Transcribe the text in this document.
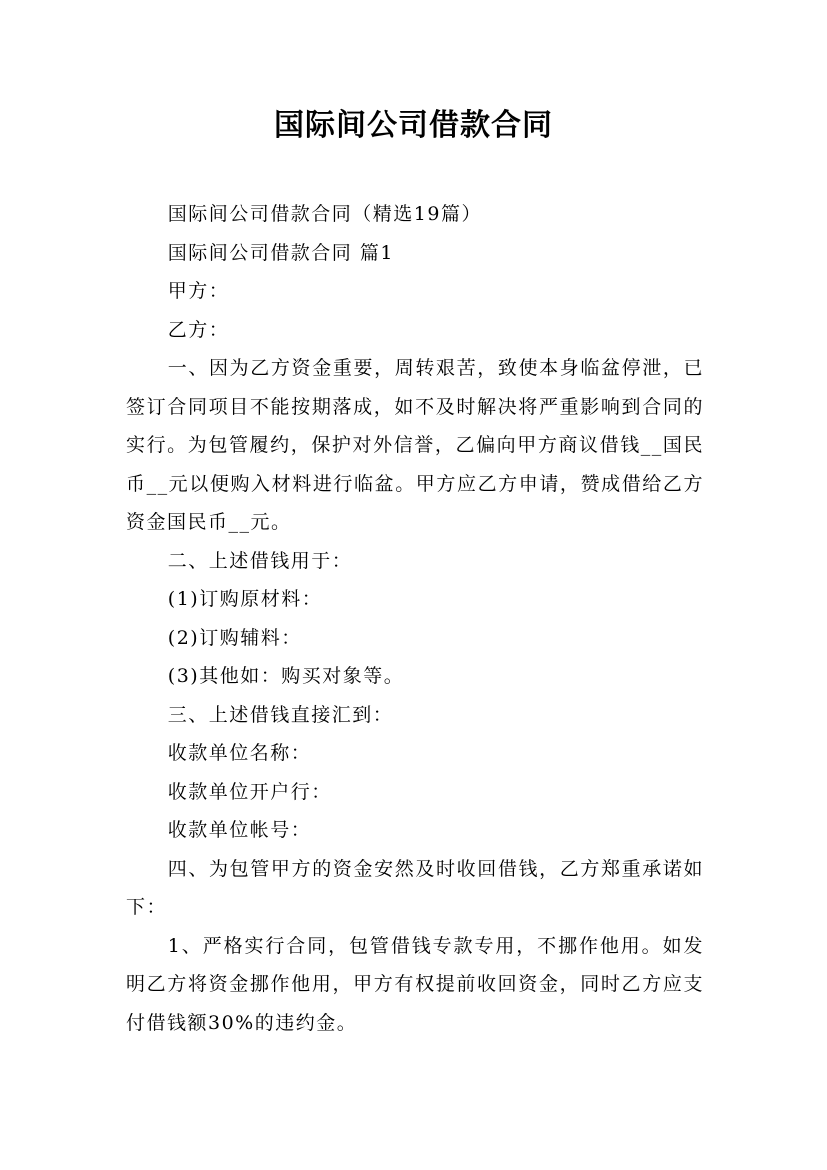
国际间公司借款合同

国际间公司借款合同（精选19篇）

国际间公司借款合同 篇1

甲方：

乙方：

一、因为乙方资金重要，周转艰苦，致使本身临盆停泄，已签订合同项目不能按期落成，如不及时解决将严重影响到合同的实行。为包管履约，保护对外信誉，乙偏向甲方商议借钱__国民币__元以便购入材料进行临盆。甲方应乙方申请，赞成借给乙方资金国民币__元。

二、上述借钱用于：

(1)订购原材料：

(2)订购辅料：

(3)其他如：购买对象等。

三、上述借钱直接汇到：

收款单位名称：

收款单位开户行：

收款单位帐号：

四、为包管甲方的资金安然及时收回借钱，乙方郑重承诺如下：

1、严格实行合同，包管借钱专款专用，不挪作他用。如发明乙方将资金挪作他用，甲方有权提前收回资金，同时乙方应支付借钱额30%的违约金。
